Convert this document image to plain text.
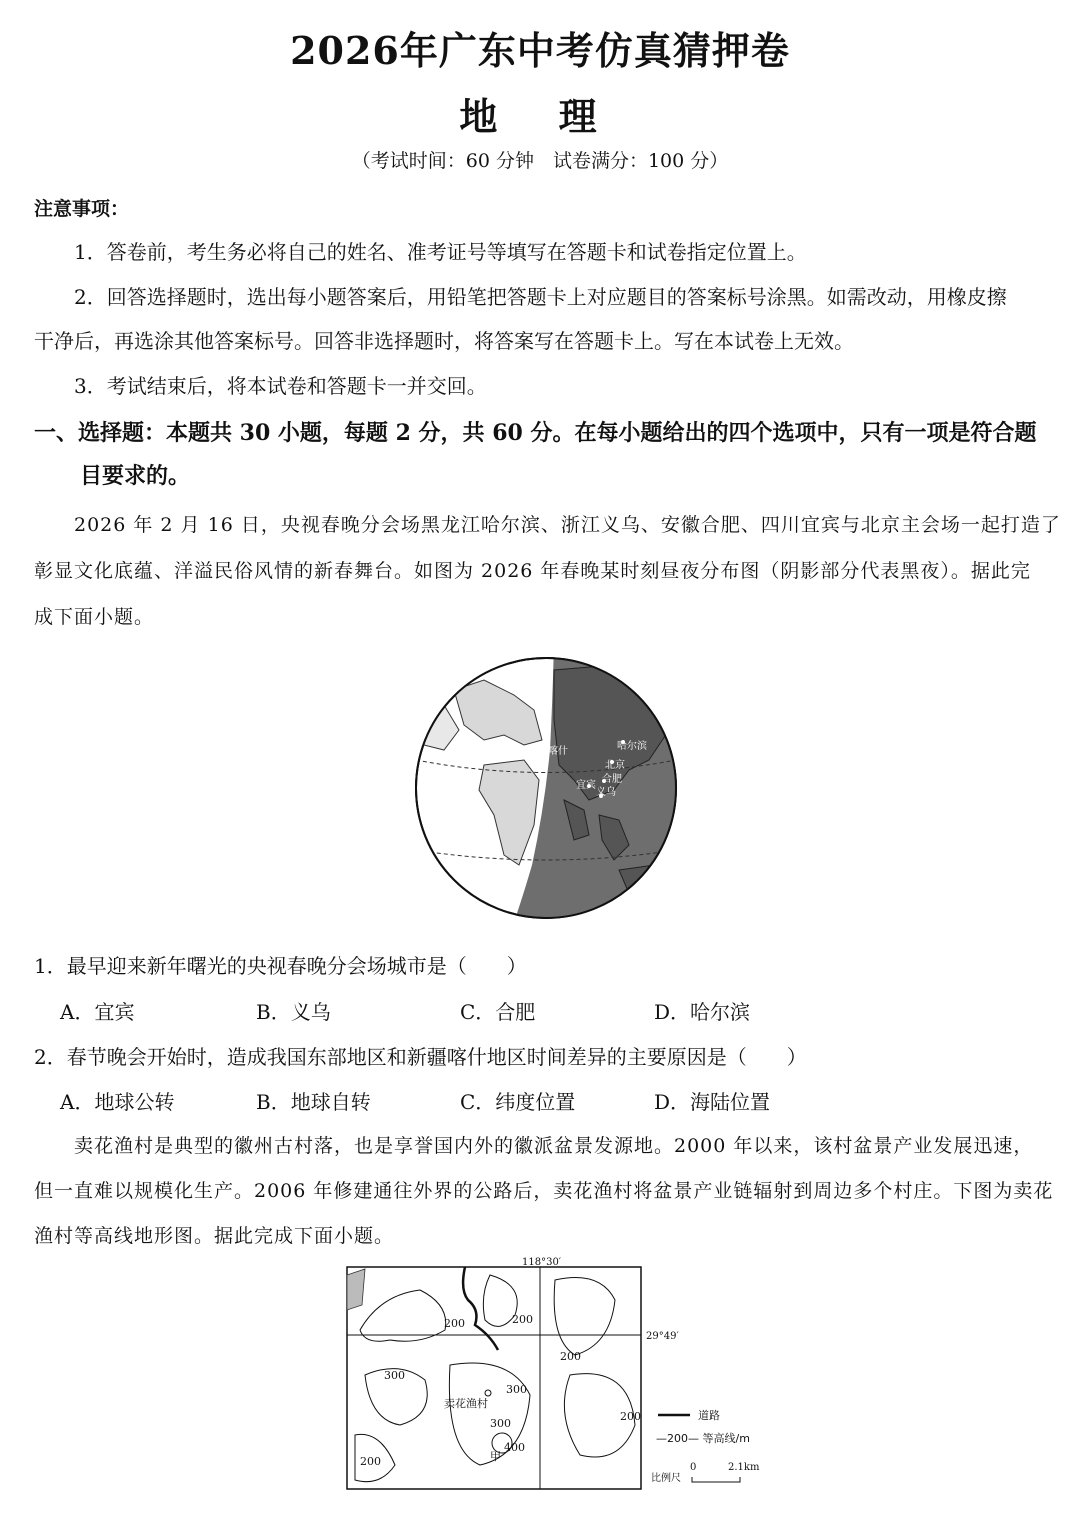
2026年广东中考仿真猜押卷
地 理
（考试时间：60 分钟　试卷满分：100 分）
注意事项：
1．答卷前，考生务必将自己的姓名、准考证号等填写在答题卡和试卷指定位置上。
2．回答选择题时，选出每小题答案后，用铅笔把答题卡上对应题目的答案标号涂黑。如需改动，用橡皮擦
干净后，再选涂其他答案标号。回答非选择题时，将答案写在答题卡上。写在本试卷上无效。
3．考试结束后，将本试卷和答题卡一并交回。
一、选择题：本题共 30 小题，每题 2 分，共 60 分。在每小题给出的四个选项中，只有一项是符合题
目要求的。
2026 年 2 月 16 日，央视春晚分会场黑龙江哈尔滨、浙江义乌、安徽合肥、四川宜宾与北京主会场一起打造了
彰显文化底蕴、洋溢民俗风情的新春舞台。如图为 2026 年春晚某时刻昼夜分布图（阴影部分代表黑夜）。据此完
成下面小题。
喀什	哈尔滨
北京
合肥
宜宾
义乌
1．最早迎来新年曙光的央视春晚分会场城市是（　　）
A．宜宾	B．义乌	C．合肥	D．哈尔滨
2．春节晚会开始时，造成我国东部地区和新疆喀什地区时间差异的主要原因是（　　）
A．地球公转	B．地球自转	C．纬度位置	D．海陆位置
卖花渔村是典型的徽州古村落，也是享誉国内外的徽派盆景发源地。2000 年以来，该村盆景产业发展迅速，
但一直难以规模化生产。2006 年修建通往外界的公路后，卖花渔村将盆景产业链辐射到周边多个村庄。下图为卖花
渔村等高线地形图。据此完成下面小题。
118°30′
29°49′
200	200
200
300
300
300
200
200
400
卖花渔村
甲
道路
—200— 等高线/m
比例尺
0	2.1km
